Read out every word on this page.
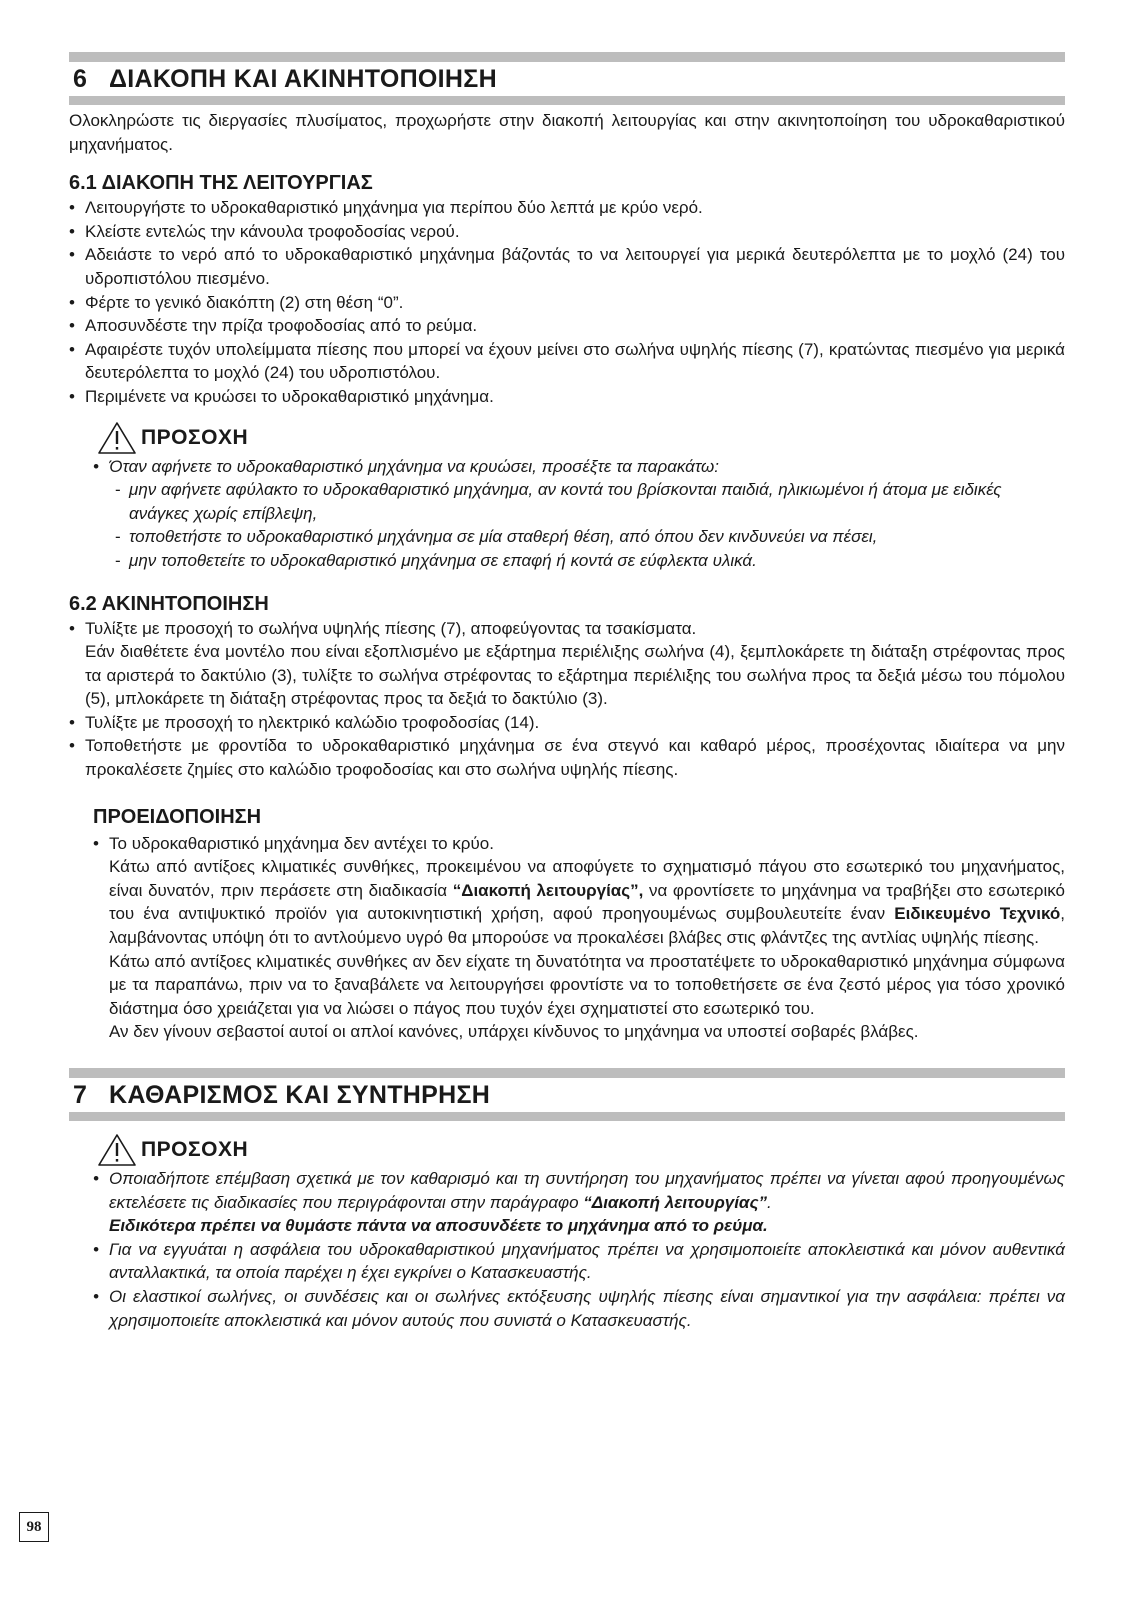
6 ΔΙΑΚΟΠΗ ΚΑΙ ΑΚΙΝΗΤΟΠΟΙΗΣΗ

Ολοκληρώστε τις διεργασίες πλυσίματος, προχωρήστε στην διακοπή λειτουργίας και στην ακινητοποίηση του υδροκαθαριστικού μηχανήματος.

6.1 ΔΙΑΚΟΠΗ ΤΗΣ ΛΕΙΤΟΥΡΓΙΑΣ
• Λειτουργήστε το υδροκαθαριστικό μηχάνημα για περίπου δύο λεπτά με κρύο νερό.
• Κλείστε εντελώς την κάνουλα τροφοδοσίας νερού.
• Αδειάστε το νερό από το υδροκαθαριστικό μηχάνημα βάζοντάς το να λειτουργεί για μερικά δευτερόλεπτα με το μοχλό (24) του υδροπιστόλου πιεσμένο.
• Φέρτε το γενικό διακόπτη (2) στη θέση “0”.
• Αποσυνδέστε την πρίζα τροφοδοσίας από το ρεύμα.
• Αφαιρέστε τυχόν υπολείμματα πίεσης που μπορεί να έχουν μείνει στο σωλήνα υψηλής πίεσης (7), κρατώντας πιεσμένο για μερικά δευτερόλεπτα το μοχλό (24) του υδροπιστόλου.
• Περιμένετε να κρυώσει το υδροκαθαριστικό μηχάνημα.
ΠΡΟΣΟΧΗ
• Όταν αφήνετε το υδροκαθαριστικό μηχάνημα να κρυώσει, προσέξτε τα παρακάτω:
- μην αφήνετε αφύλακτο το υδροκαθαριστικό μηχάνημα, αν κοντά του βρίσκονται παιδιά, ηλικιωμένοι ή άτομα με ειδικές ανάγκες χωρίς επίβλεψη,
- τοποθετήστε το υδροκαθαριστικό μηχάνημα σε μία σταθερή θέση, από όπου δεν κινδυνεύει να πέσει,
- μην τοποθετείτε το υδροκαθαριστικό μηχάνημα σε επαφή ή κοντά σε εύφλεκτα υλικά.
6.2 ΑΚΙΝΗΤΟΠΟΙΗΣΗ
• Τυλίξτε με προσοχή το σωλήνα υψηλής πίεσης (7), αποφεύγοντας τα τσακίσματα.
Εάν διαθέτετε ένα μοντέλο που είναι εξοπλισμένο με εξάρτημα περιέλιξης σωλήνα (4), ξεμπλοκάρετε τη διάταξη στρέφοντας προς τα αριστερά το δακτύλιο (3), τυλίξτε το σωλήνα στρέφοντας το εξάρτημα περιέλιξης του σωλήνα προς τα δεξιά μέσω του πόμολου (5), μπλοκάρετε τη διάταξη στρέφοντας προς τα δεξιά το δακτύλιο (3).
• Τυλίξτε με προσοχή το ηλεκτρικό καλώδιο τροφοδοσίας (14).
• Τοποθετήστε με φροντίδα το υδροκαθαριστικό μηχάνημα σε ένα στεγνό και καθαρό μέρος, προσέχοντας ιδιαίτερα να μην προκαλέσετε ζημίες στο καλώδιο τροφοδοσίας και στο σωλήνα υψηλής πίεσης.
ΠΡΟΕΙΔΟΠΟΙΗΣΗ
• Το υδροκαθαριστικό μηχάνημα δεν αντέχει το κρύο.
Κάτω από αντίξοες κλιματικές συνθήκες, προκειμένου να αποφύγετε το σχηματισμό πάγου στο εσωτερικό του μηχανήματος, είναι δυνατόν, πριν περάσετε στη διαδικασία “Διακοπή λειτουργίας”, να φροντίσετε το μηχάνημα να τραβήξει στο εσωτερικό του ένα αντιψυκτικό προϊόν για αυτοκινητιστική χρήση, αφού προηγουμένως συμβουλευτείτε έναν Ειδικευμένο Τεχνικό, λαμβάνοντας υπόψη ότι το αντλούμενο υγρό θα μπορούσε να προκαλέσει βλάβες στις φλάντζες της αντλίας υψηλής πίεσης.
Κάτω από αντίξοες κλιματικές συνθήκες αν δεν είχατε τη δυνατότητα να προστατέψετε το υδροκαθαριστικό μηχάνημα σύμφωνα με τα παραπάνω, πριν να το ξαναβάλετε να λειτουργήσει φροντίστε να το τοποθετήσετε σε ένα ζεστό μέρος για τόσο χρονικό διάστημα όσο χρειάζεται για να λιώσει ο πάγος που τυχόν έχει σχηματιστεί στο εσωτερικό του.
Αν δεν γίνουν σεβαστοί αυτοί οι απλοί κανόνες, υπάρχει κίνδυνος το μηχάνημα να υποστεί σοβαρές βλάβες.
7 ΚΑΘΑΡΙΣΜΟΣ ΚΑΙ ΣΥΝΤΗΡΗΣΗ
ΠΡΟΣΟΧΗ
• Οποιαδήποτε επέμβαση σχετικά με τον καθαρισμό και τη συντήρηση του μηχανήματος πρέπει να γίνεται αφού προηγουμένως εκτελέσετε τις διαδικασίες που περιγράφονται στην παράγραφο “Διακοπή λειτουργίας”.
Ειδικότερα πρέπει να θυμάστε πάντα να αποσυνδέετε το μηχάνημα από το ρεύμα.
• Για να εγγυάται η ασφάλεια του υδροκαθαριστικού μηχανήματος πρέπει να χρησιμοποιείτε αποκλειστικά και μόνον αυθεντικά ανταλλακτικά, τα οποία παρέχει η έχει εγκρίνει ο Κατασκευαστής.
• Οι ελαστικοί σωλήνες, οι συνδέσεις και οι σωλήνες εκτόξευσης υψηλής πίεσης είναι σημαντικοί για την ασφάλεια: πρέπει να χρησιμοποιείτε αποκλειστικά και μόνον αυτούς που συνιστά ο Κατασκευαστής.
98
